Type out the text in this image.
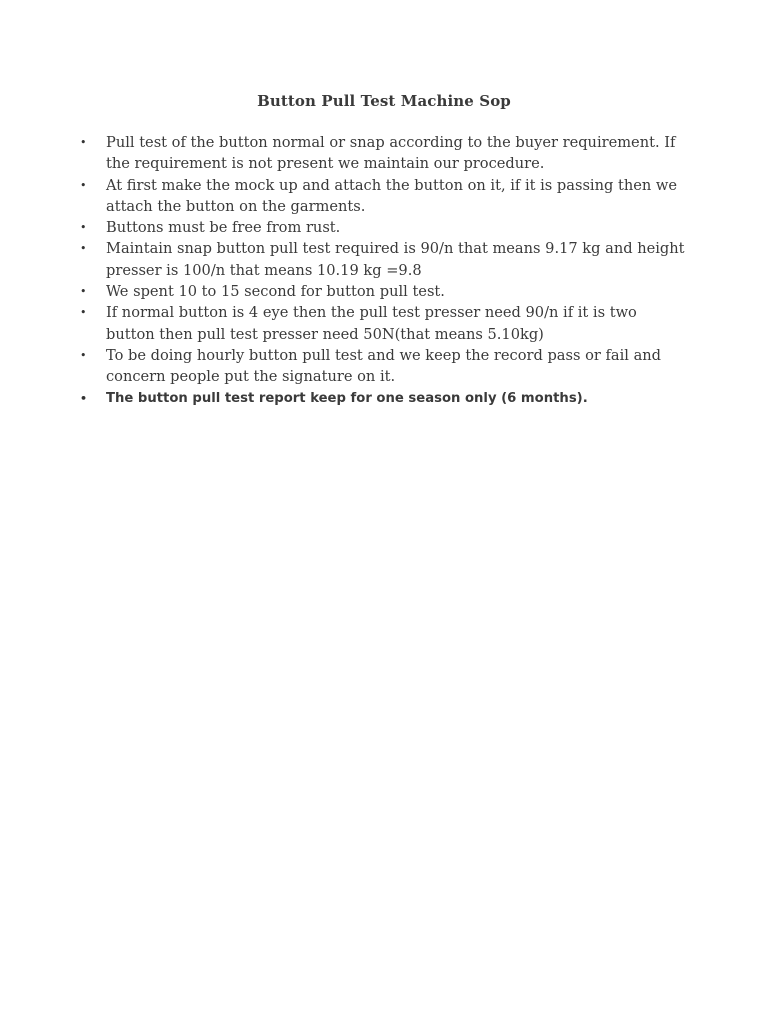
Button Pull Test Machine Sop
•	Pull test of the button normal or snap according to the buyer requirement. If the requirement is not present we maintain our procedure.
•	At first make the mock up and attach the button on it, if it is passing then we attach the button on the garments.
•	Buttons must be free from rust.
•	Maintain snap button pull test required is 90/n that means 9.17 kg and height presser is 100/n that means 10.19 kg =9.8
•	We spent 10 to 15 second for button pull test.
•	If normal button is 4 eye then the pull test presser need 90/n if it is two button then pull test presser need 50N(that means 5.10kg)
•	To be doing hourly button pull test and we keep the record pass or fail and concern people put the signature on it.
•	The button pull test report keep for one season only (6 months).
